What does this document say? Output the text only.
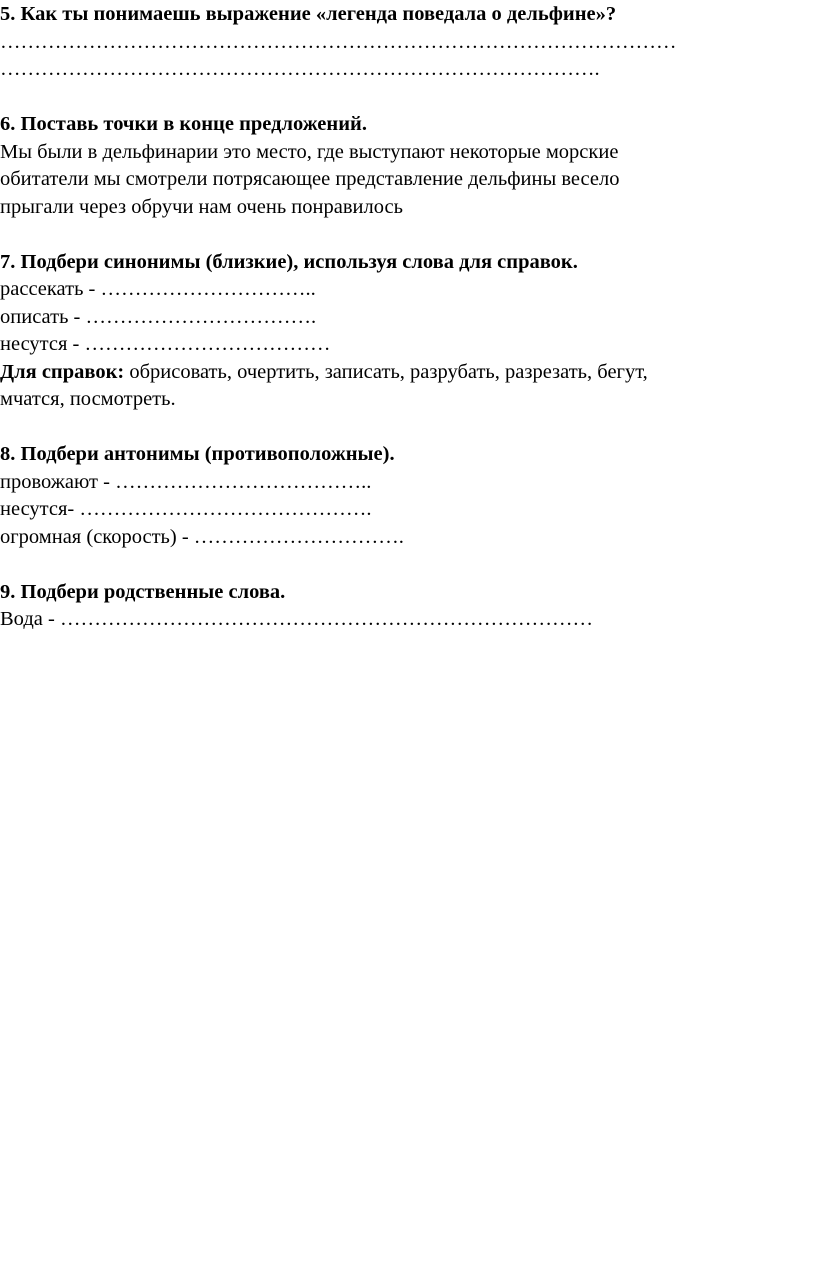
5. Как ты понимаешь выражение «легенда поведала о дельфине»?
………………………………………………………………………………………
…………………………………………………………………………….
6. Поставь точки в конце предложений.
Мы были в дельфинарии это место, где выступают некоторые морские
обитатели мы смотрели потрясающее представление дельфины весело
прыгали через обручи нам очень понравилось
7. Подбери синонимы (близкие), используя слова для справок.
рассекать - …………………………..
описать - …………………………….
несутся - ………………………………
Для справок: обрисовать, очертить, записать, разрубать, разрезать, бегут,
мчатся, посмотреть.
8. Подбери антонимы (противоположные).
провожают - ………………………………..
несутся- …………………………………….
огромная (скорость) - ………………………….
9. Подбери родственные слова.
Вода - ……………………………………………………………………
